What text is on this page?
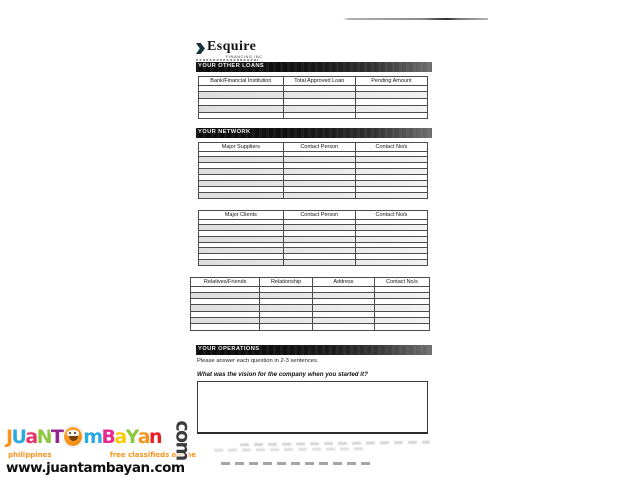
Esquire
FINANCING INC.
YOUR OTHER LOANS
Bank/Financial Institution	Total Approved Loan	Pending Amount

YOUR NETWORK
Major Suppliers	Contact Person	Contact No/s

Major Clients	Contact Person	Contact No/s

Relatives/Friends	Relationship	Address	Contact No/s

YOUR OPERATIONS
Please answer each question in 2-3 sentences.
What was the vision for the company when you started it?
J U a N T m B a Y a n com
philippines	free classifieds online
www.juantambayan.com
